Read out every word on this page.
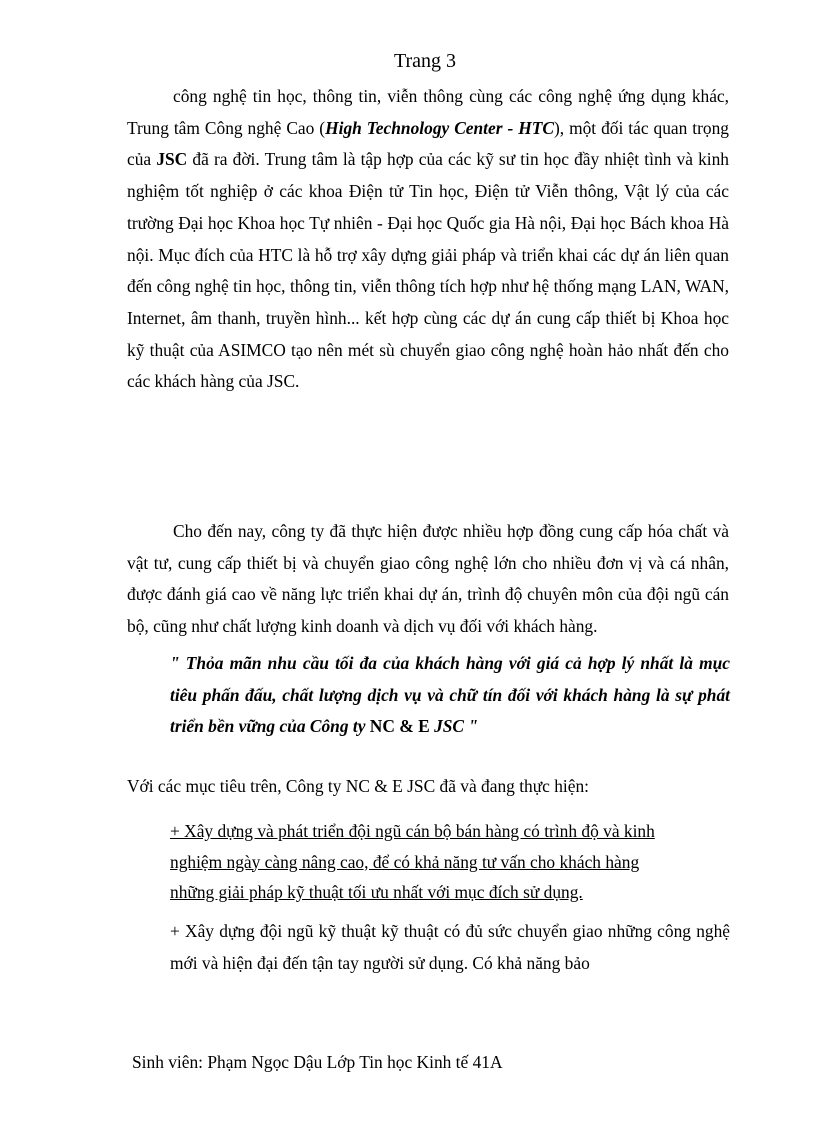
Trang 3

công nghệ tin học, thông tin, viễn thông cùng các công nghệ ứng dụng khác, Trung tâm Công nghệ Cao (High Technology Center - HTC), một đối tác quan trọng của JSC đã ra đời. Trung tâm là tập hợp của các kỹ sư tin học đầy nhiệt tình và kinh nghiệm tốt nghiệp ở các khoa Điện tử Tin học, Điện tử Viễn thông, Vật lý của các trường Đại học Khoa học Tự nhiên - Đại học Quốc gia Hà nội, Đại học Bách khoa Hà nội. Mục đích của HTC là hỗ trợ xây dựng giải pháp và triển khai các dự án liên quan đến công nghệ tin học, thông tin, viễn thông tích hợp như hệ thống mạng LAN, WAN, Internet, âm thanh, truyền hình... kết hợp cùng các dự án cung cấp thiết bị Khoa học kỹ thuật của ASIMCO tạo nên mét sù chuyển giao công nghệ hoàn hảo nhất đến cho các khách hàng của JSC.

Cho đến nay, công ty đã thực hiện được nhiều hợp đồng cung cấp hóa chất và vật tư, cung cấp thiết bị và chuyển giao công nghệ lớn cho nhiều đơn vị và cá nhân, được đánh giá cao về năng lực triển khai dự án, trình độ chuyên môn của đội ngũ cán bộ, cũng như chất lượng kinh doanh và dịch vụ đối với khách hàng.

" Thỏa mãn nhu cầu tối đa của khách hàng với giá cả hợp lý nhất là mục tiêu phấn đấu, chất lượng dịch vụ và chữ tín đối với khách hàng là sự phát triển bền vững của Công ty NC & E JSC "
Với các mục tiêu trên, Công ty NC & E JSC đã và đang thực hiện:
+ Xây dựng và phát triển đội ngũ cán bộ bán hàng có trình độ và kinh
nghiệm ngày càng nâng cao, để có khả năng tư vấn cho khách hàng
những giải pháp kỹ thuật tối ưu nhất với mục đích sử dụng.
+ Xây dựng đội ngũ kỹ thuật kỹ thuật có đủ sức chuyển giao những công nghệ mới và hiện đại đến tận tay người sử dụng. Có khả năng bảo
Sinh viên: Phạm Ngọc Dậu Lớp Tin học Kinh tế 41A
